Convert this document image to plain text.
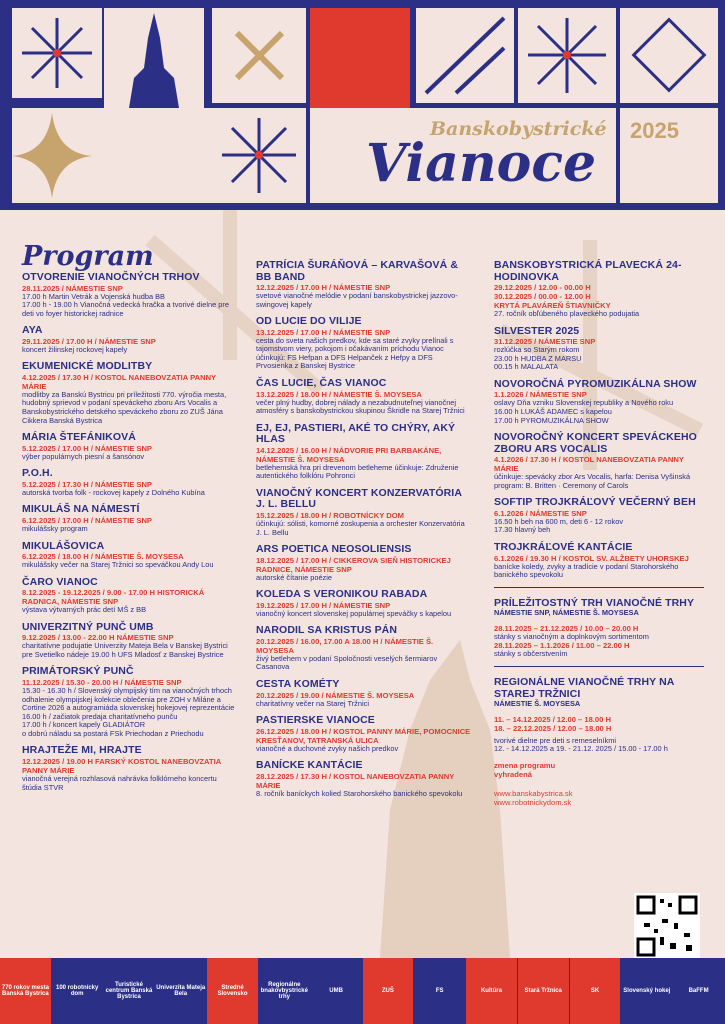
Banskobystrické
Vianoce
2025
Program
OTVORENIE VIANOČNÝCH TRHOV
28.11.2025 / NÁMESTIE SNP
17.00 h Martin Vetrák a Vojenská hudba BB
17.00 h - 19.00 h Vianočná vedecká hračka a tvorivé dielne pre deti vo foyer historickej radnice
AYA
29.11.2025 / 17.00 H / NÁMESTIE SNP
koncert žilinskej rockovej kapely
EKUMENICKÉ MODLITBY
4.12.2025 / 17.30 H / KOSTOL NANEBOVZATIA PANNY MÁRIE
modlitby za Banskú Bystricu pri príležitosti 770. výročia mesta, hudobný sprievod v podaní speváckeho zboru Ars Vocalis a Banskobystrického detského speváckeho zboru zo ZUŠ Jána Cikkera Banská Bystrica
MÁRIA ŠTEFÁNIKOVÁ
5.12.2025 / 17.00 H / NÁMESTIE SNP
výber populárnych piesní a šansónov
P.O.H.
5.12.2025 / 17.30 H / NÁMESTIE SNP
autorská tvorba folk - rockovej kapely z Dolného Kubína
MIKULÁŠ NA NÁMESTÍ
6.12.2025 / 17.00 H / NÁMESTIE SNP
mikulášsky program
MIKULÁŠOVICA
6.12.2025 / 18.00 H / NÁMESTIE Š. MOYSESA
mikulášsky večer na Starej Tržnici so speváčkou Andy Lou
ČARO VIANOC
8.12.2025 - 19.12.2025 / 9.00 - 17.00 H HISTORICKÁ RADNICA, NÁMESTIE SNP
výstava výtvarných prác detí MŠ z BB
UNIVERZITNÝ PUNČ UMB
9.12.2025 / 13.00 - 22.00 H NÁMESTIE SNP
charitatívne podujatie Univerzity Mateja Bela v Banskej Bystrici pre Svetielko nádeje 19.00 h UFS Mladosť z Banskej Bystrice
PRIMÁTORSKÝ PUNČ
11.12.2025 / 15.30 - 20.00 H / NÁMESTIE SNP
15.30 - 16.30 h / Slovenský olympijský tím na vianočných trhoch
odhalenie olympijskej kolekcie oblečenia pre ZOH v Miláne a Cortine 2026 a autogramiáda slovenskej hokejovej reprezentácie
16.00 h / začiatok predaja charitatívneho punču
17.00 h / koncert kapely GLADIÁTOR
o dobrú náladu sa postará FSk Priechodan z Priechodu
HRAJTEŽE MI, HRAJTE
12.12.2025 / 19.00 H FARSKÝ KOSTOL NANEBOVZATIA PANNY MÁRIE
vianočná verejná rozhlasová nahrávka folklórneho koncertu štúdia STVR
PATRÍCIA ŠURÁŇOVÁ – KARVAŠOVÁ & BB BAND
12.12.2025 / 17.00 H / NÁMESTIE SNP
svetové vianočné melódie v podaní banskobystrickej jazzovo-swingovej kapely
OD LUCIE DO VILIJE
13.12.2025 / 17.00 H / NÁMESTIE SNP
cesta do sveta našich predkov, kde sa staré zvyky prelínali s tajomstvom viery, pokojom i očakávaním príchodu Vianoc
účinkujú: FS Hefpan a DFS Helpanček z Hefpy a DFS Prvosienka z Banskej Bystrice
ČAS LUCIE, ČAS VIANOC
13.12.2025 / 18.00 H / NÁMESTIE Š. MOYSESA
večer plný hudby, dobrej nálady a nezabudnuteľnej vianočnej atmosféry s banskobystrickou skupinou Škridle na Starej Tržnici
EJ, EJ, PASTIERI, AKÉ TO CHÝRY, AKÝ HLAS
14.12.2025 / 16.00 H / NÁDVORIE PRI BARBAKÁNE, NÁMESTIE Š. MOYSESA
betlehemská hra pri drevenom betleheme účinkuje: Združenie autentického folklóru Pohronci
VIANOČNÝ KONCERT KONZERVATÓRIA J. L. BELLU
15.12.2025 / 18.00 H / ROBOTNÍCKY DOM
účinkujú: sólisti, komorné zoskupenia a orchester Konzervatória J. L. Bellu
ARS POETICA NEOSOLIENSIS
18.12.2025 / 17.00 H / CIKKEROVA SIEŇ HISTORICKEJ RADNICE, NÁMESTIE SNP
autorské čítanie poézie
KOLEDA S VERONIKOU RABADA
19.12.2025 / 17.00 H / NÁMESTIE SNP
vianočný koncert slovenskej populárnej speváčky s kapelou
NARODIL SA KRISTUS PÁN
20.12.2025 / 16.00, 17.00 A 18.00 H / NÁMESTIE Š. MOYSESA
živý betlehem v podaní Spoločnosti veselých šermiarov Casanova
CESTA KOMÉTY
20.12.2025 / 19.00 / NÁMESTIE Š. MOYSESA
charitatívny večer na Starej Tržnici
PASTIERSKE VIANOCE
26.12.2025 / 18.00 H / KOSTOL PANNY MÁRIE, POMOCNICE KRESŤANOV, TATRANSKÁ ULICA
vianočné a duchovné zvyky našich predkov
BANÍCKE KANTÁCIE
28.12.2025 / 17.30 H / KOSTOL NANEBOVZATIA PANNY MÁRIE
8. ročník baníckych kolied Starohorského banického spevokolu
BANSKOBYSTRICKÁ PLAVECKÁ 24-HODINOVKA
29.12.2025 / 12.00 - 00.00 H
30.12.2025 / 00.00 - 12.00 H
KRYTÁ PLAVÁREŇ ŠTIAVNIČKY
27. ročník obľúbeného plaveckého podujatia
SILVESTER 2025
31.12.2025 / NÁMESTIE SNP
rozlúčka so Starým rokom
23.00 h HUDBA Z MARSU
00.15 h MALALATA
NOVOROČNÁ PYROMUZIKÁLNA SHOW
1.1.2026 / NÁMESTIE SNP
oslavy Dňa vzniku Slovenskej republiky a Nového roku
16.00 h LUKÁŠ ADAMEC s kapelou
17.00 h PYROMUZIKÁLNA SHOW
NOVOROČNÝ KONCERT SPEVÁCKEHO ZBORU ARS VOCALIS
4.1.2026 / 17.30 H / KOSTOL NANEBOVZATIA PANNY MÁRIE
účinkuje: spevácky zbor Ars Vocalis, harfa: Denisa Vyšinská
program: B. Britten · Ceremony of Carols
SOFTIP TROJKRÁĽOVÝ VEČERNÝ BEH
6.1.2026 / NÁMESTIE SNP
16.50 h beh na 600 m, deti 6 - 12 rokov
17.30 hlavný beh
TROJKRÁĽOVÉ KANTÁCIE
6.1.2026 / 19.30 H / KOSTOL SV. ALŽBETY UHORSKEJ
banícke koledy, zvyky a tradície v podaní Starohorského banického spevokolu
PRÍLEŽITOSTNÝ TRH VIANOČNÉ TRHY
NÁMESTIE SNP, NÁMESTIE Š. MOYSESA
28.11.2025 – 21.12.2025 / 10.00 – 20.00 H
stánky s vianočným a doplnkovým sortimentom
28.11.2025 – 1.1.2026 / 11.00 – 22.00 H
stánky s občerstvením
REGIONÁLNE VIANOČNÉ TRHY NA STAREJ TRŽNICI
NÁMESTIE Š. MOYSESA
11. – 14.12.2025 / 12.00 – 18.00 H
18. – 22.12.2025 / 12.00 – 18.00 H
tvorivé dielne pre deti s remeselníkmi
12. - 14.12.2025 a 19. - 21.12. 2025 / 15.00 - 17.00 h
zmena programu vyhradená
www.banskabystrica.sk
www.robotnickydom.sk
770 rokov mesta Banská Bystrica
100 robotnícky dom
Turistické centrum Banská Bystrica
Univerzita Mateja Bela
Stredné Slovensko
Regionálne bnakovbystrické trhy
UMB	ZUŠ	FS	Kultúra	Stará Tržnica	SK	Slovenský hokej	BaFFM
